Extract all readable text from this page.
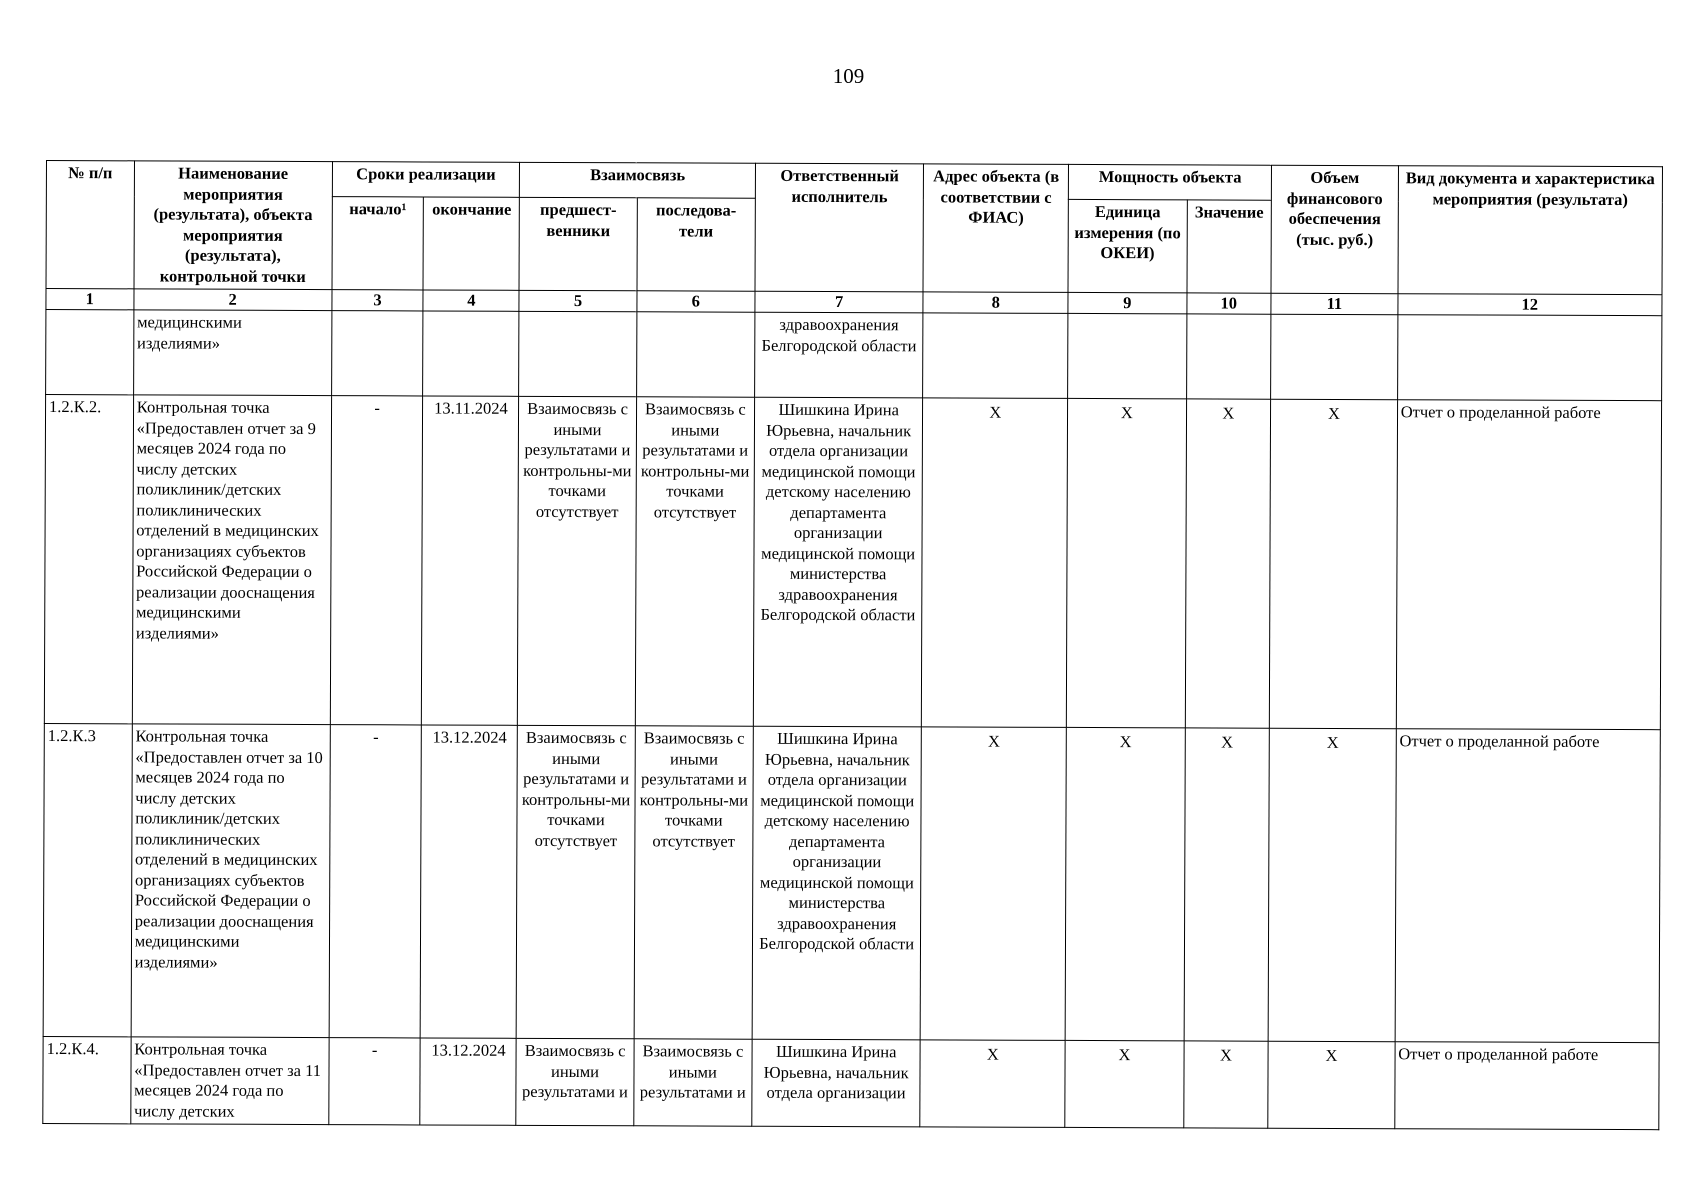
109
№ п/п	Наименование мероприятия (результата), объекта мероприятия (результата), контрольной точки	Сроки реализации		Взаимосвязь		Ответственный исполнитель	Адрес объекта (в соответствии с ФИАС)	Мощность объекта		Объем финансового обеспечения (тыс. руб.)	Вид документа и характеристика мероприятия (результата)
		начало¹	окончание	предшест-венники	последова-тели			Единица измерения (по ОКЕИ)	Значение		
1	2	3	4	5	6	7	8	9	10	11	12
	медицинскими изделиями»					здравоохранения Белгородской области					
1.2.К.2.	Контрольная точка «Предоставлен отчет за 9 месяцев 2024 года по числу детских поликлиник/детских поликлинических отделений в медицинских организациях субъектов Российской Федерации о реализации дооснащения медицинскими изделиями»	-	13.11.2024	Взаимосвязь с иными результатами и контрольны-ми точками отсутствует	Взаимосвязь с иными результатами и контрольны-ми точками отсутствует	Шишкина Ирина Юрьевна, начальник отдела организации медицинской помощи детскому населению департамента организации медицинской помощи министерства здравоохранения Белгородской области	X	X	X	X	Отчет о проделанной работе
1.2.К.3	Контрольная точка «Предоставлен отчет за 10 месяцев 2024 года по числу детских поликлиник/детских поликлинических отделений в медицинских организациях субъектов Российской Федерации о реализации дооснащения медицинскими изделиями»	-	13.12.2024	Взаимосвязь с иными результатами и контрольны-ми точками отсутствует	Взаимосвязь с иными результатами и контрольны-ми точками отсутствует	Шишкина Ирина Юрьевна, начальник отдела организации медицинской помощи детскому населению департамента организации медицинской помощи министерства здравоохранения Белгородской области	X	X	X	X	Отчет о проделанной работе
1.2.К.4.	Контрольная точка «Предоставлен отчет за 11 месяцев 2024 года по числу детских	-	13.12.2024	Взаимосвязь с иными результатами и	Взаимосвязь с иными результатами и	Шишкина Ирина Юрьевна, начальник отдела организации	X	X	X	X	Отчет о проделанной работе
